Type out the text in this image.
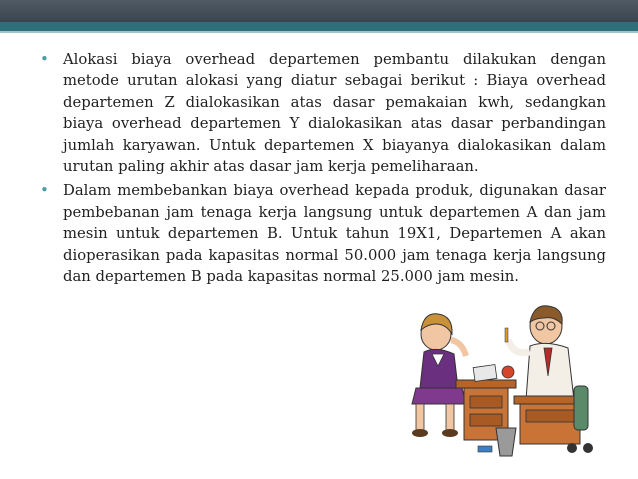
• Alokasi biaya overhead departemen pembantu dilakukan dengan metode urutan alokasi yang diatur sebagai berikut : Biaya overhead departemen Z dialokasikan atas dasar pemakaian kwh, sedangkan biaya overhead departemen Y dialokasikan atas dasar perbandingan jumlah karyawan. Untuk departemen X biayanya dialokasikan dalam urutan paling akhir atas dasar jam kerja pemeliharaan.
• Dalam membebankan biaya overhead kepada produk, digunakan dasar pembebanan jam tenaga kerja langsung untuk departemen A dan jam mesin untuk departemen B. Untuk tahun 19X1, Departemen A akan dioperasikan pada kapasitas normal 50.000 jam tenaga kerja langsung dan departemen B pada kapasitas normal 25.000 jam mesin.
